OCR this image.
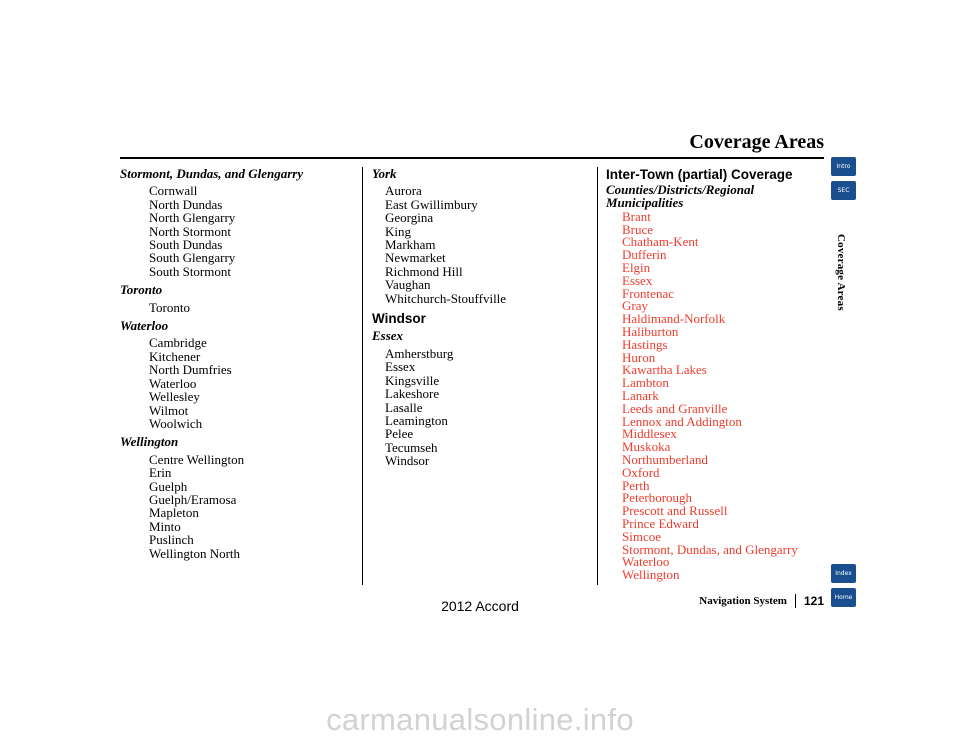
Coverage Areas
Stormont, Dundas, and Glengarry
Cornwall
North Dundas
North Glengarry
North Stormont
South Dundas
South Glengarry
South Stormont
Toronto
Toronto
Waterloo
Cambridge
Kitchener
North Dumfries
Waterloo
Wellesley
Wilmot
Woolwich
Wellington
Centre Wellington
Erin
Guelph
Guelph/Eramosa
Mapleton
Minto
Puslinch
Wellington North
York
Aurora
East Gwillimbury
Georgina
King
Markham
Newmarket
Richmond Hill
Vaughan
Whitchurch-Stouffville
Windsor
Essex
Amherstburg
Essex
Kingsville
Lakeshore
Lasalle
Leamington
Pelee
Tecumseh
Windsor
Inter-Town (partial) Coverage
Counties/Districts/Regional
Municipalities
Brant
Bruce
Chatham-Kent
Dufferin
Elgin
Essex
Frontenac
Gray
Haldimand-Norfolk
Haliburton
Hastings
Huron
Kawartha Lakes
Lambton
Lanark
Leeds and Granville
Lennox and Addington
Middlesex
Muskoka
Northumberland
Oxford
Perth
Peterborough
Prescott and Russell
Prince Edward
Simcoe
Stormont, Dundas, and Glengarry
Waterloo
Wellington
Intro
SEC
Coverage Areas
Index
Home
Navigation System 121
2012 Accord
carmanualsonline.info
